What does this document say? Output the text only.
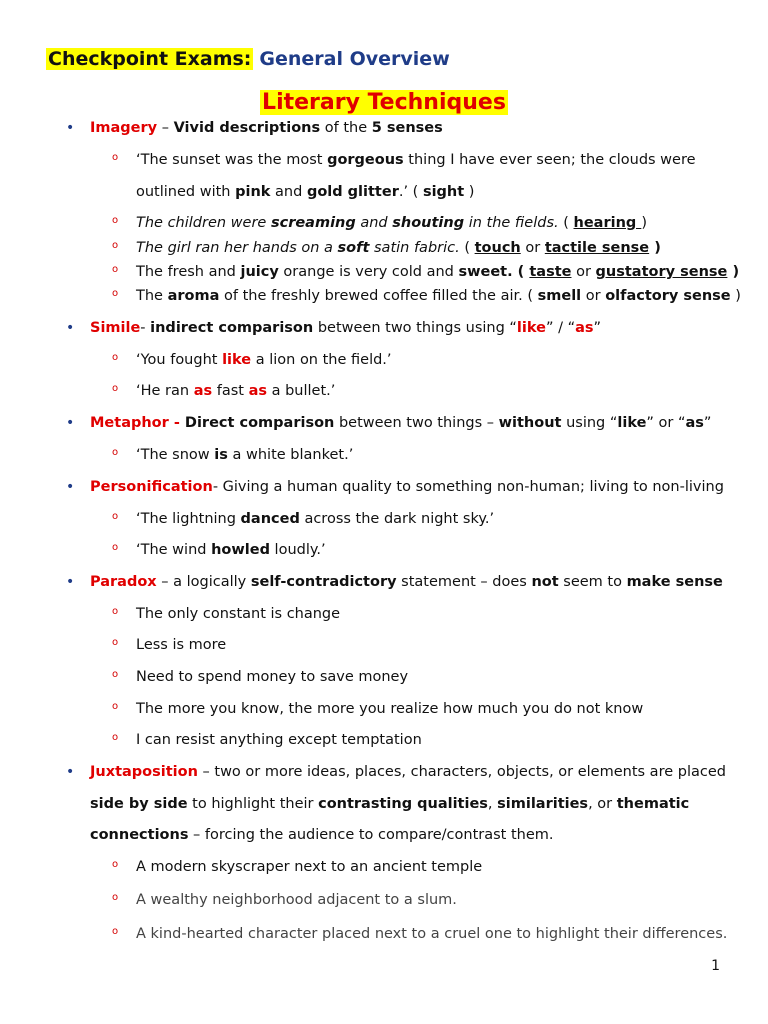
Checkpoint Exams: General Overview
Literary Techniques
•
Imagery – Vivid descriptions of the 5 senses
o ‘The sunset was the most gorgeous thing I have ever seen; the clouds were
outlined with pink and gold glitter.’ ( sight )
o The children were screaming and shouting in the fields. ( hearing )
o The girl ran her hands on a soft satin fabric. ( touch or tactile sense )
o The fresh and juicy orange is very cold and sweet. ( taste or gustatory sense )
o The aroma of the freshly brewed coffee filled the air. ( smell or olfactory sense )
•
Simile- indirect comparison between two things using “like” / “as”
o ‘You fought like a lion on the field.’
o ‘He ran as fast as a bullet.’
•
Metaphor - Direct comparison between two things – without using “like” or “as”
o ‘The snow is a white blanket.’
•
Personification- Giving a human quality to something non-human; living to non-living
o ‘The lightning danced across the dark night sky.’
o ‘The wind howled loudly.’
•
Paradox – a logically self-contradictory statement – does not seem to make sense
o The only constant is change
o Less is more
o Need to spend money to save money
o The more you know, the more you realize how much you do not know
o I can resist anything except temptation
•
Juxtaposition – two or more ideas, places, characters, objects, or elements are placed
side by side to highlight their contrasting qualities, similarities, or thematic
connections – forcing the audience to compare/contrast them.
o A modern skyscraper next to an ancient temple
o A wealthy neighborhood adjacent to a slum.
o A kind-hearted character placed next to a cruel one to highlight their differences.
1
